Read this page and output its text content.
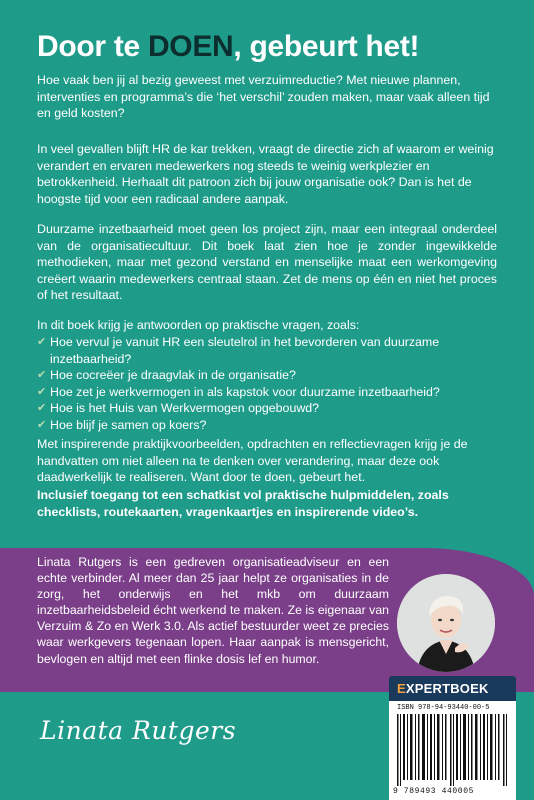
Door te DOEN, gebeurt het!

Hoe vaak ben jij al bezig geweest met verzuimreductie? Met nieuwe plannen, interventies en programma’s die ‘het verschil’ zouden maken, maar vaak alleen tijd en geld kosten?

In veel gevallen blijft HR de kar trekken, vraagt de directie zich af waarom er weinig verandert en ervaren medewerkers nog steeds te weinig werkplezier en betrokkenheid. Herhaalt dit patroon zich bij jouw organisatie ook? Dan is het de hoogste tijd voor een radicaal andere aanpak.

Duurzame inzetbaarheid moet geen los project zijn, maar een integraal onderdeel van de organisatiecultuur. Dit boek laat zien hoe je zonder ingewikkelde methodieken, maar met gezond verstand en menselijke maat een werkomgeving creëert waarin medewerkers centraal staan. Zet de mens op één en niet het proces of het resultaat.

In dit boek krijg je antwoorden op praktische vragen, zoals:

✔ Hoe vervul je vanuit HR een sleutelrol in het bevorderen van duurzame inzetbaarheid?
✔ Hoe cocreëer je draagvlak in de organisatie?
✔ Hoe zet je werkvermogen in als kapstok voor duurzame inzetbaarheid?
✔ Hoe is het Huis van Werkvermogen opgebouwd?
✔ Hoe blijf je samen op koers?

Met inspirerende praktijkvoorbeelden, opdrachten en reflectievragen krijg je de handvatten om niet alleen na te denken over verandering, maar deze ook daadwerkelijk te realiseren. Want door te doen, gebeurt het.

Inclusief toegang tot een schatkist vol praktische hulpmiddelen, zoals checklists, routekaarten, vragenkaartjes en inspirerende video’s.

Linata Rutgers is een gedreven organisatieadviseur en een echte verbinder. Al meer dan 25 jaar helpt ze organisaties in de zorg, het onderwijs en het mkb om duurzaam inzetbaarheidsbeleid écht werkend te maken. Ze is eigenaar van Verzuim & Zo en Werk 3.0. Als actief bestuurder weet ze precies waar werkgevers tegenaan lopen. Haar aanpak is mensgericht, bevlogen en altijd met een flinke dosis lef en humor.

Linata Rutgers
EXPERTBOEK
ISBN 978-94-93440-00-5
9 789493 440005
